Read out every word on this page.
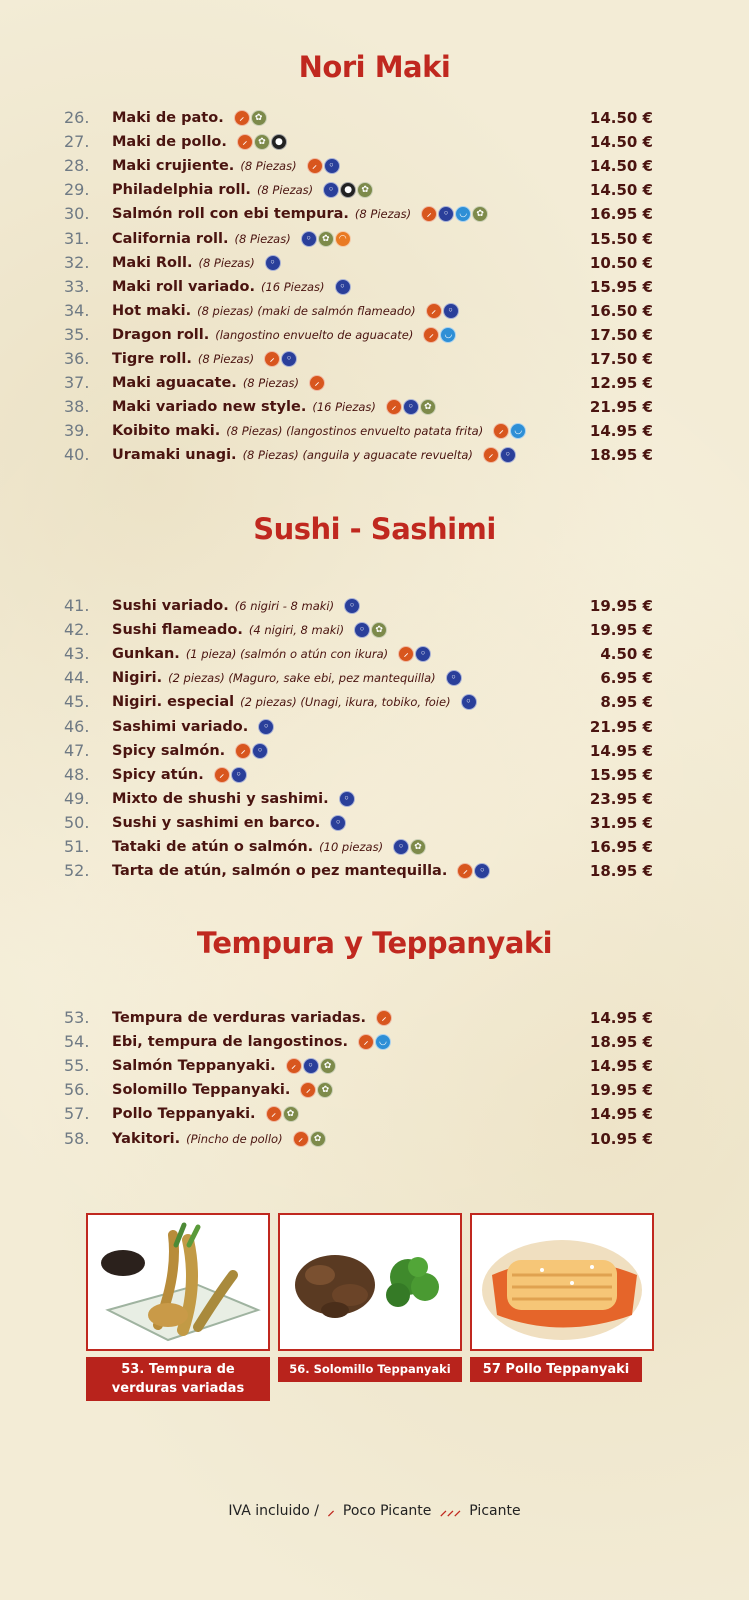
Nori Maki
26.	Maki de pato.	⸝	✿	14.50 €
27.	Maki de pollo.	⸝	✿	●	14.50 €
28.	Maki crujiente. (8 Piezas)	⸝	◦	14.50 €
29.	Philadelphia roll. (8 Piezas)	◦	●	✿	14.50 €
30.	Salmón roll con ebi tempura. (8 Piezas)	⸝	◦	◡	✿	16.95 €
31.	California roll. (8 Piezas)	◦	✿	◠	15.50 €
32.	Maki Roll. (8 Piezas)	◦	10.50 €
33.	Maki roll variado. (16 Piezas)	◦	15.95 €
34.	Hot maki. (8 piezas) (maki de salmón flameado)	⸝	◦	16.50 €
35.	Dragon roll. (langostino envuelto de aguacate)	⸝	◡	17.50 €
36.	Tigre roll. (8 Piezas)	⸝	◦	17.50 €
37.	Maki aguacate. (8 Piezas)	⸝	12.95 €
38.	Maki variado new style. (16 Piezas)	⸝	◦	✿	21.95 €
39.	Koibito maki. (8 Piezas) (langostinos envuelto patata frita)	⸝	◡	14.95 €
40.	Uramaki unagi. (8 Piezas) (anguila y aguacate revuelta)	⸝	◦	18.95 €
Sushi - Sashimi
41.	Sushi variado. (6 nigiri - 8 maki)	◦	19.95 €
42.	Sushi flameado. (4 nigiri, 8 maki)	◦	✿	19.95 €
43.	Gunkan. (1 pieza) (salmón o atún con ikura)	⸝	◦	4.50 €
44.	Nigiri. (2 piezas) (Maguro, sake ebi, pez mantequilla)	◦	6.95 €
45.	Nigiri. especial (2 piezas) (Unagi, ikura, tobiko, foie)	◦	8.95 €
46.	Sashimi variado.	◦	21.95 €
47.	Spicy salmón.	⸝	◦	14.95 €
48.	Spicy atún.	⸝	◦	15.95 €
49.	Mixto de shushi y sashimi.	◦	23.95 €
50.	Sushi y sashimi en barco.	◦	31.95 €
51.	Tataki de atún o salmón. (10 piezas)	◦	✿	16.95 €
52.	Tarta de atún, salmón o pez mantequilla.	⸝	◦	18.95 €
Tempura y Teppanyaki
53.	Tempura de verduras variadas.	⸝	14.95 €
54.	Ebi, tempura de langostinos.	⸝	◡	18.95 €
55.	Salmón Teppanyaki.	⸝	◦	✿	14.95 €
56.	Solomillo Teppanyaki.	⸝	✿	19.95 €
57.	Pollo Teppanyaki.	⸝	✿	14.95 €
58.	Yakitori. (Pincho de pollo)	⸝	✿	10.95 €
53. Tempura de
verduras variadas
56. Solomillo Teppanyaki	57 Pollo Teppanyaki
IVA incluido / ⸝ Poco Picante ⸝⸝⸝ Picante
